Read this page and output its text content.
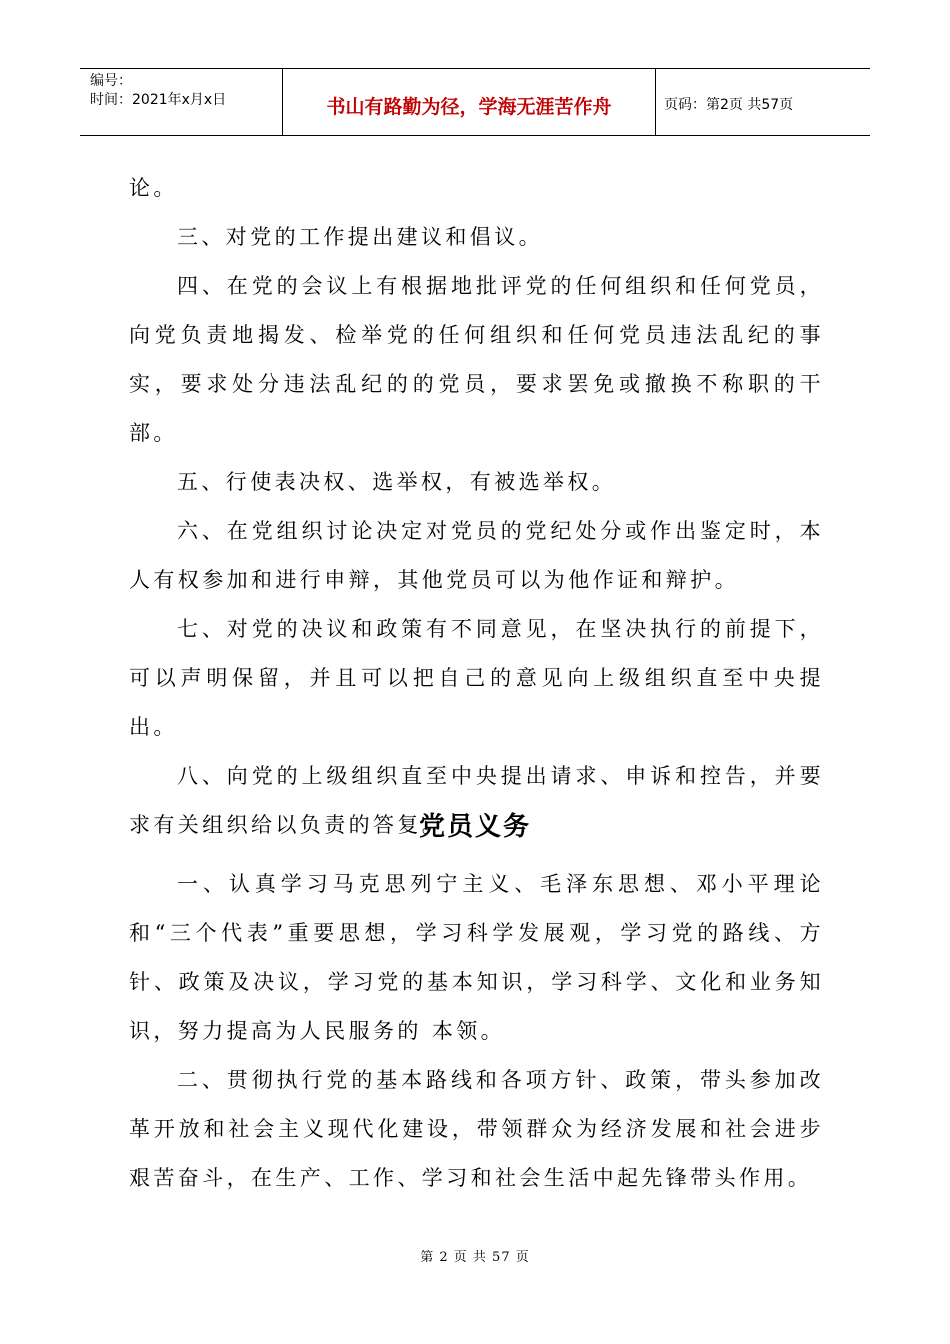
编号：
时间：2021年x月x日	书山有路勤为径，学海无涯苦作舟	页码：第2页 共57页

论。

三、对党的工作提出建议和倡议。

四、在党的会议上有根据地批评党的任何组织和任何党员，向党负责地揭发、检举党的任何组织和任何党员违法乱纪的事实，要求处分违法乱纪的的党员，要求罢免或撤换不称职的干部。

五、行使表决权、选举权，有被选举权。

六、在党组织讨论决定对党员的党纪处分或作出鉴定时，本人有权参加和进行申辩，其他党员可以为他作证和辩护。

七、对党的决议和政策有不同意见，在坚决执行的前提下，可以声明保留，并且可以把自己的意见向上级组织直至中央提出。

八、向党的上级组织直至中央提出请求、申诉和控告，并要求有关组织给以负责的答复。

党员义务

一、认真学习马克思列宁主义、毛泽东思想、邓小平理论和“三个代表”重要思想，学习科学发展观，学习党的路线、方针、政策及决议，学习党的基本知识，学习科学、文化和业务知识，努力提高为人民服务的 本领。

二、贯彻执行党的基本路线和各项方针、政策，带头参加改革开放和社会主义现代化建设，带领群众为经济发展和社会进步艰苦奋斗，在生产、工作、学习和社会生活中起先锋带头作用。

第 2 页 共 57 页
